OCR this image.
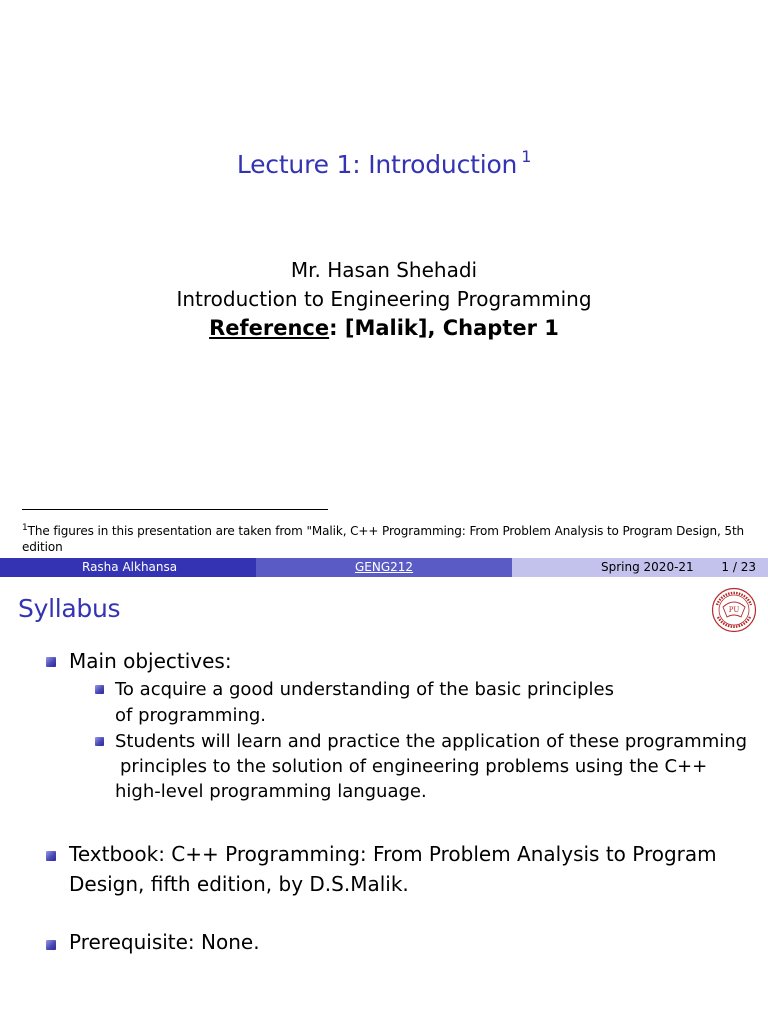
Lecture 1: Introduction $^1$
Mr. Hasan Shehadi
Introduction to Engineering Programming
Reference: [Malik], Chapter 1
$^1$The figures in this presentation are taken from "Malik, C++ Programming: From Problem Analysis to Program Design, 5th edition
Rasha Alkhansa	GENG212	Spring 2020-21 1 / 23
Syllabus	PU
Main objectives:
To acquire a good understanding of the basic principles
of programming.
Students will learn and practice the application of these programming
principles to the solution of engineering problems using the C++
high-level programming language.
Textbook: C++ Programming: From Problem Analysis to Program
Design, fifth edition, by D.S.Malik.
Prerequisite: None.
